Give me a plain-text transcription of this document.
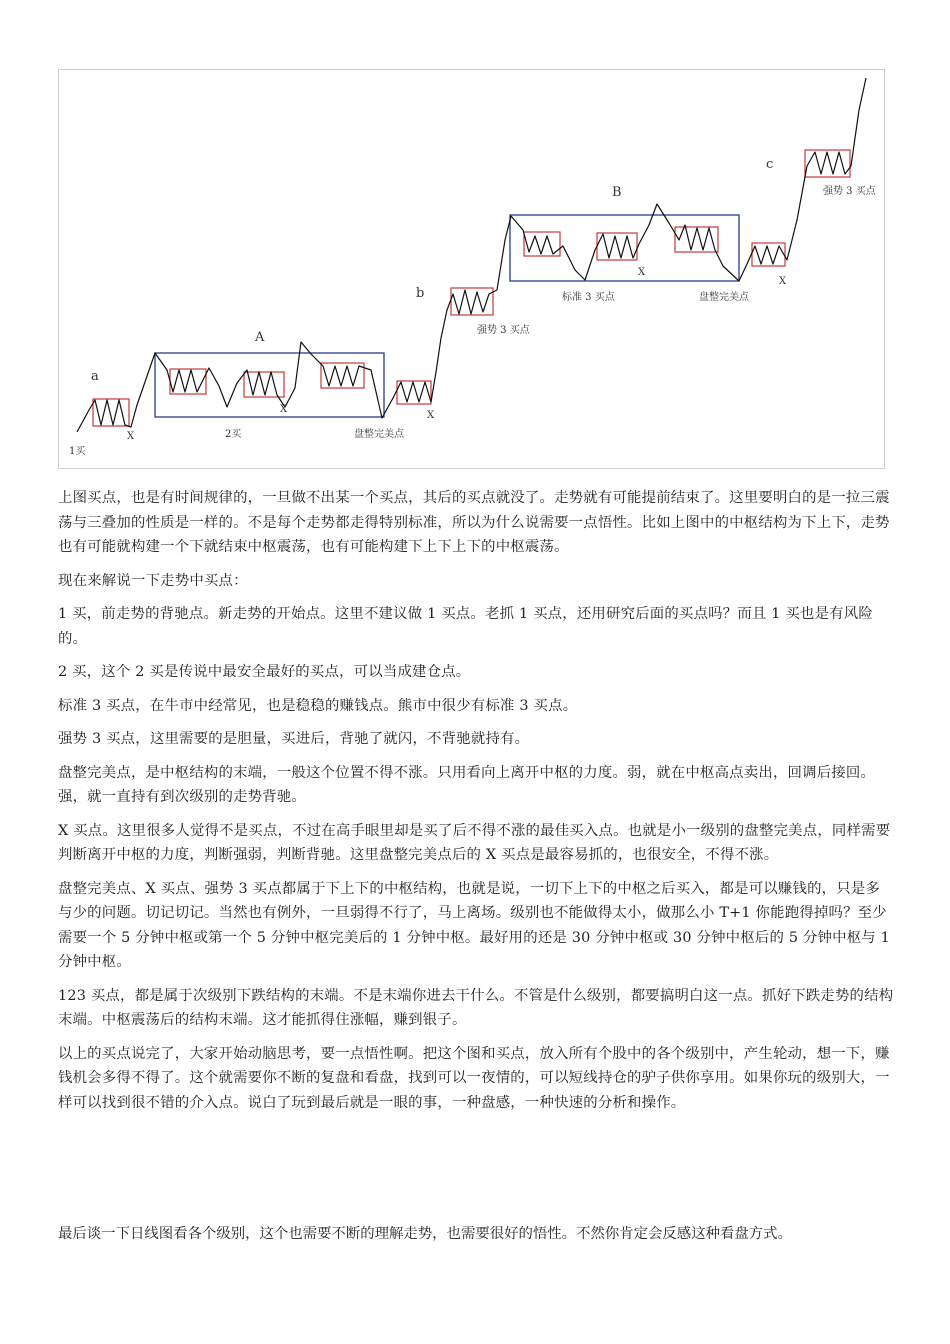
a
A
b
B
c
X
X
X
X
X
1买
2买	盘整完美点
强势 3 买点
标准 3 买点	盘整完美点
强势 3 买点

上图买点，也是有时间规律的，一旦做不出某一个买点，其后的买点就没了。走势就有可能提前结束了。这里要明白的是一拉三震荡与三叠加的性质是一样的。不是每个走势都走得特别标准，所以为什么说需要一点悟性。比如上图中的中枢结构为下上下，走势也有可能就构建一个下就结束中枢震荡，也有可能构建下上下上下的中枢震荡。

现在来解说一下走势中买点：

1 买，前走势的背驰点。新走势的开始点。这里不建议做 1 买点。老抓 1 买点，还用研究后面的买点吗？而且 1 买也是有风险的。

2 买，这个 2 买是传说中最安全最好的买点，可以当成建仓点。

标准 3 买点，在牛市中经常见，也是稳稳的赚钱点。熊市中很少有标准 3 买点。

强势 3 买点，这里需要的是胆量，买进后，背驰了就闪，不背驰就持有。

盘整完美点，是中枢结构的末端，一般这个位置不得不涨。只用看向上离开中枢的力度。弱，就在中枢高点卖出，回调后接回。强，就一直持有到次级别的走势背驰。

X 买点。这里很多人觉得不是买点，不过在高手眼里却是买了后不得不涨的最佳买入点。也就是小一级别的盘整完美点，同样需要判断离开中枢的力度，判断强弱，判断背驰。这里盘整完美点后的 X 买点是最容易抓的，也很安全，不得不涨。

盘整完美点、X 买点、强势 3 买点都属于下上下的中枢结构，也就是说，一切下上下的中枢之后买入，都是可以赚钱的，只是多与少的问题。切记切记。当然也有例外，一旦弱得不行了，马上离场。级别也不能做得太小，做那么小 T+1 你能跑得掉吗？至少需要一个 5 分钟中枢或第一个 5 分钟中枢完美后的 1 分钟中枢。最好用的还是 30 分钟中枢或 30 分钟中枢后的 5 分钟中枢与 1 分钟中枢。

123 买点，都是属于次级别下跌结构的末端。不是末端你进去干什么。不管是什么级别，都要搞明白这一点。抓好下跌走势的结构末端。中枢震荡后的结构末端。这才能抓得住涨幅，赚到银子。

以上的买点说完了，大家开始动脑思考，要一点悟性啊。把这个图和买点，放入所有个股中的各个级别中，产生轮动，想一下，赚钱机会多得不得了。这个就需要你不断的复盘和看盘，找到可以一夜情的，可以短线持仓的驴子供你享用。如果你玩的级别大，一样可以找到很不错的介入点。说白了玩到最后就是一眼的事，一种盘感，一种快速的分析和操作。

最后谈一下日线图看各个级别，这个也需要不断的理解走势，也需要很好的悟性。不然你肯定会反感这种看盘方式。
